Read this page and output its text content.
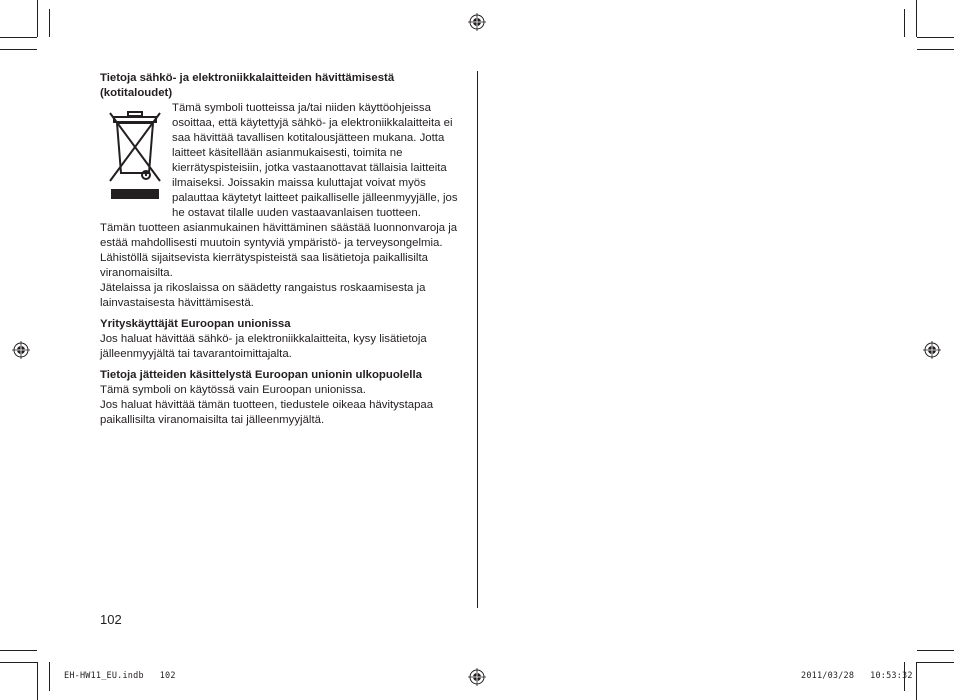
Tietoja sähkö- ja elektroniikkalaitteiden hävittämisestä (kotitaloudet)

Tämä symboli tuotteissa ja/tai niiden käyttöohjeissa osoittaa, että käytettyjä sähkö- ja elektroniikkalaitteita ei saa hävittää tavallisen kotitalousjätteen mukana. Jotta laitteet käsitellään asianmukaisesti, toimita ne kierrätyspisteisiin, jotka vastaanottavat tällaisia laitteita ilmaiseksi. Joissakin maissa kuluttajat voivat myös palauttaa käytetyt laitteet paikalliselle jälleenmyyjälle, jos he ostavat tilalle uuden vastaavanlaisen tuotteen.

Tämän tuotteen asianmukainen hävittäminen säästää luonnonvaroja ja estää mahdollisesti muutoin syntyviä ympäristö- ja terveysongelmia. Lähistöllä sijaitsevista kierrätyspisteistä saa lisätietoja paikallisilta viranomaisilta.

Jätelaissa ja rikoslaissa on säädetty rangaistus roskaamisesta ja lainvastaisesta hävittämisestä.

Yrityskäyttäjät Euroopan unionissa

Jos haluat hävittää sähkö- ja elektroniikkalaitteita, kysy lisätietoja jälleenmyyjältä tai tavarantoimittajalta.

Tietoja jätteiden käsittelystä Euroopan unionin ulkopuolella

Tämä symboli on käytössä vain Euroopan unionissa.

Jos haluat hävittää tämän tuotteen, tiedustele oikeaa hävitystapaa paikallisilta viranomaisilta tai jälleenmyyjältä.

102
EH-HW11_EU.indb   102	2011/03/28   10:53:32
